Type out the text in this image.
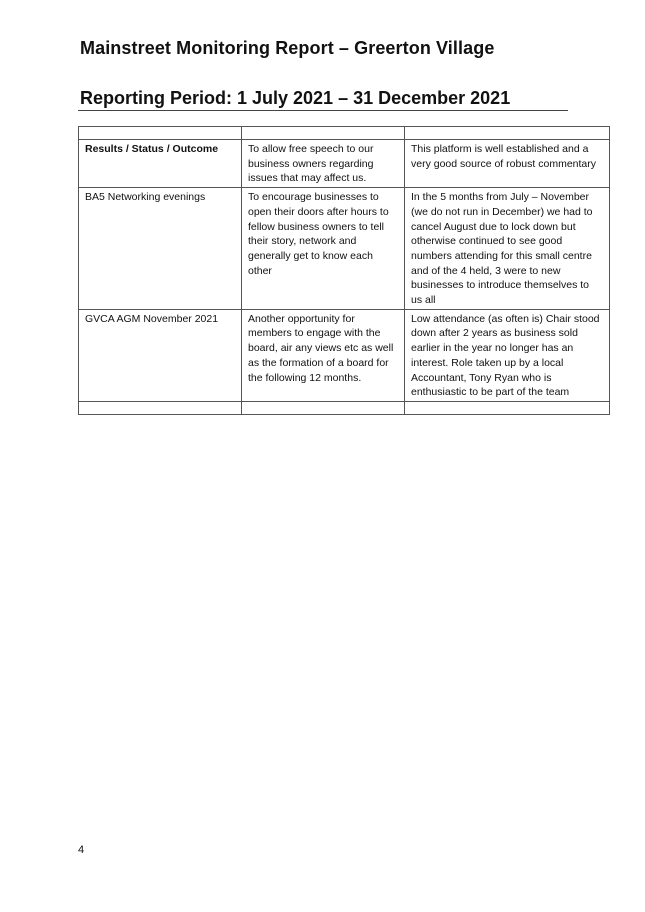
Mainstreet Monitoring Report – Greerton Village
Reporting Period: 1 July 2021 – 31 December 2021

Results / Status / Outcome	To allow free speech to our business owners regarding issues that may affect us.	This platform is well established and a very good source of robust commentary
BA5 Networking evenings	To encourage businesses to open their doors after hours to fellow business owners to tell their story, network and generally get to know each other	In the 5 months from July – November (we do not run in December) we had to cancel August due to lock down but otherwise continued to see good numbers attending for this small centre and of the 4 held, 3 were to new businesses to introduce themselves to us all
GVCA AGM November 2021	Another opportunity for members to engage with the board, air any views etc as well as the formation of a board for the following 12 months.	Low attendance (as often is) Chair stood down after 2 years as business sold earlier in the year no longer has an interest. Role taken up by a local Accountant, Tony Ryan who is enthusiastic to be part of the team

4
